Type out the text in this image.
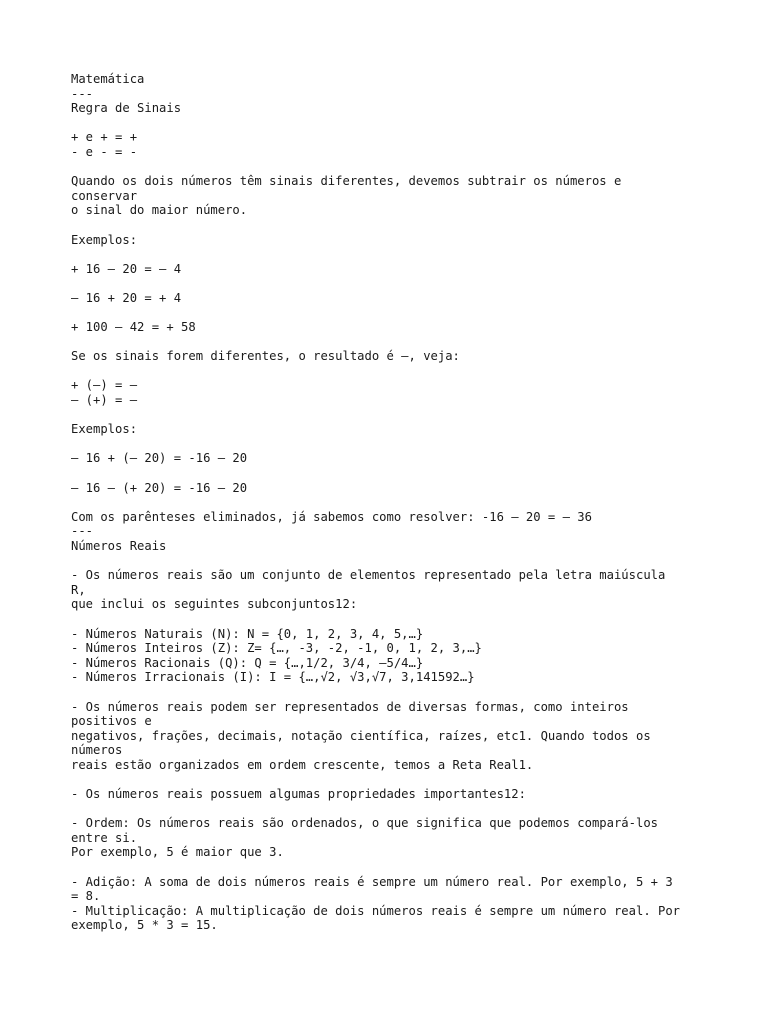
Matemática
---
Regra de Sinais
+ e + = +
- e - = -
Quando os dois números têm sinais diferentes, devemos subtrair os números e
conservar
o sinal do maior número.
Exemplos:
+ 16 – 20 = – 4
– 16 + 20 = + 4
+ 100 – 42 = + 58
Se os sinais forem diferentes, o resultado é –, veja:
+ (–) = –
– (+) = –
Exemplos:
– 16 + (– 20) = -16 – 20
– 16 – (+ 20) = -16 – 20
Com os parênteses eliminados, já sabemos como resolver: -16 – 20 = – 36
---
Números Reais
- Os números reais são um conjunto de elementos representado pela letra maiúscula
R,
que inclui os seguintes subconjuntos12:
- Números Naturais (N): N = {0, 1, 2, 3, 4, 5,…}
- Números Inteiros (Z): Z= {…, -3, -2, -1, 0, 1, 2, 3,…}
- Números Racionais (Q): Q = {…,1/2, 3/4, –5/4…}
- Números Irracionais (I): I = {…,√2, √3,√7, 3,141592…}
- Os números reais podem ser representados de diversas formas, como inteiros
positivos e
negativos, frações, decimais, notação científica, raízes, etc1. Quando todos os
números
reais estão organizados em ordem crescente, temos a Reta Real1.
- Os números reais possuem algumas propriedades importantes12:
- Ordem: Os números reais são ordenados, o que significa que podemos compará-los
entre si.
Por exemplo, 5 é maior que 3.
- Adição: A soma de dois números reais é sempre um número real. Por exemplo, 5 + 3
= 8.
- Multiplicação: A multiplicação de dois números reais é sempre um número real. Por
exemplo, 5 * 3 = 15.
